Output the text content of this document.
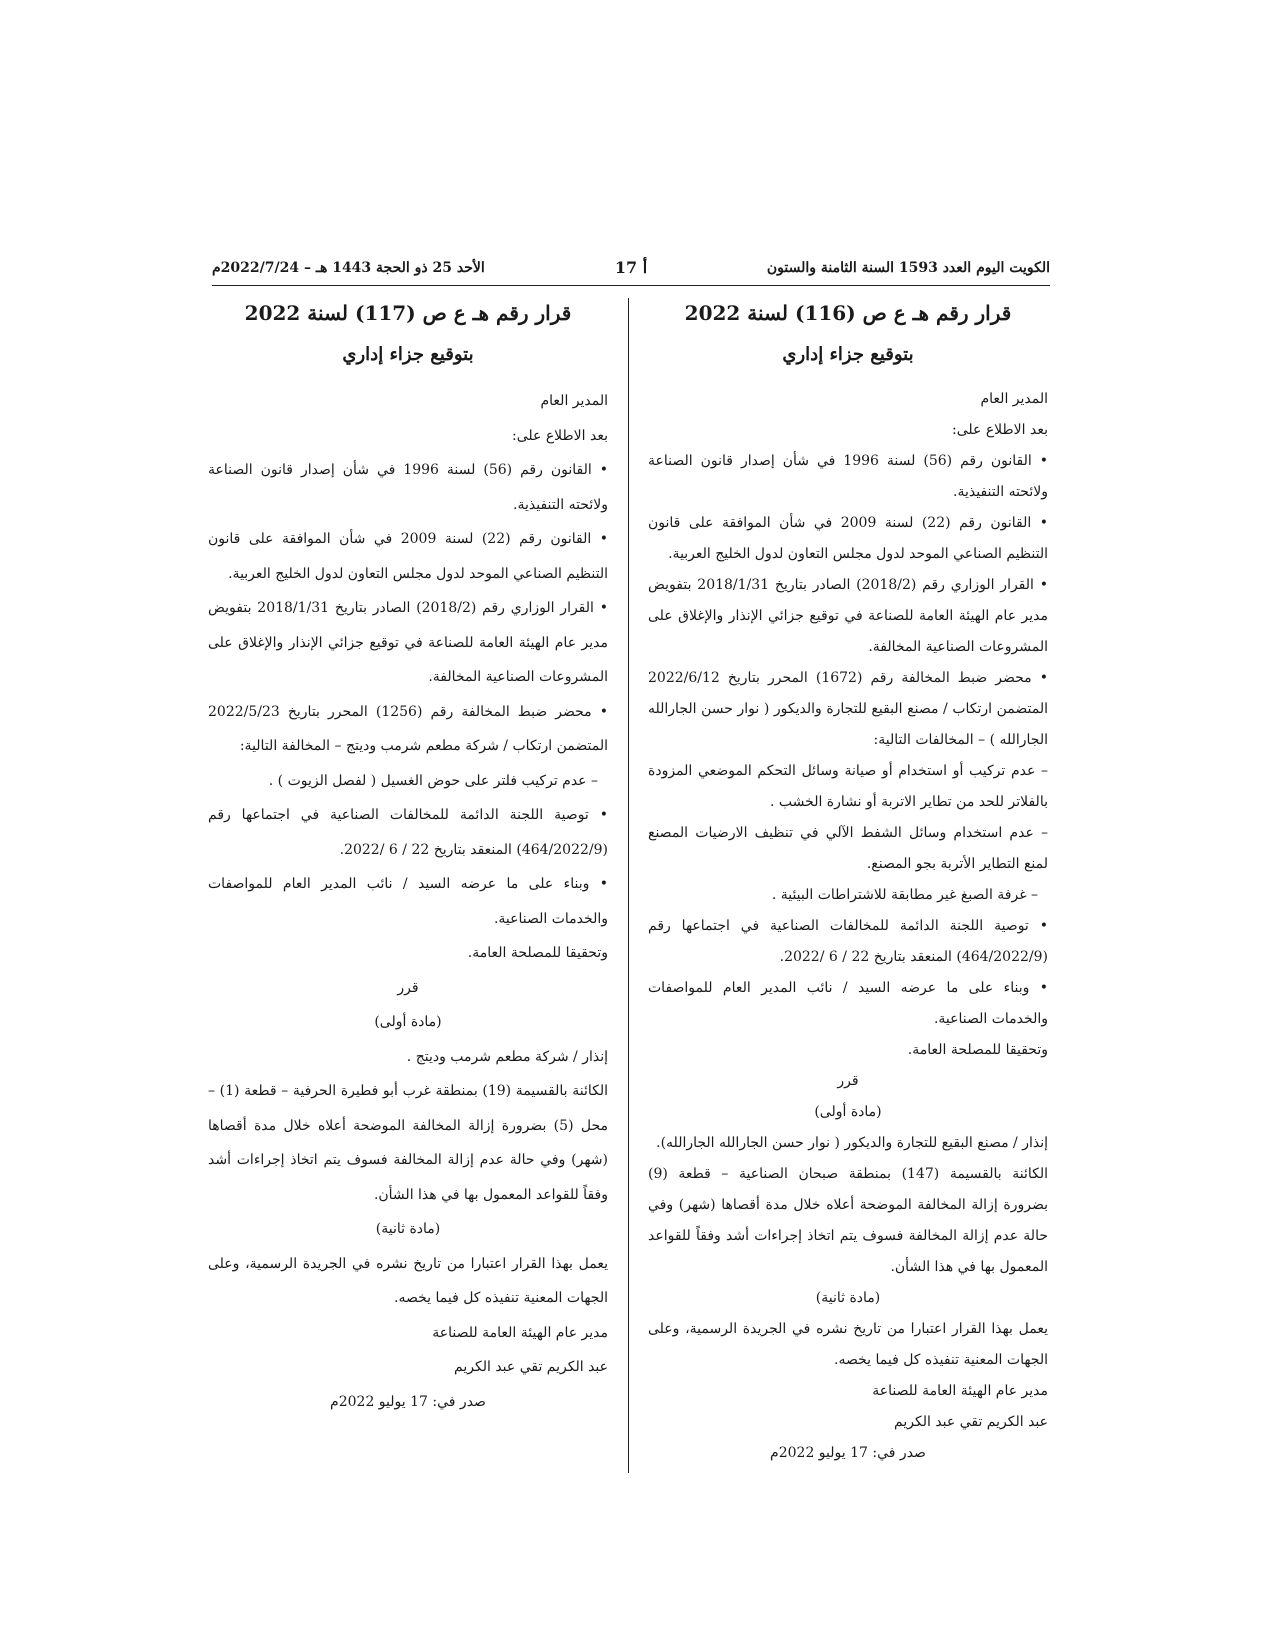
الكويت اليوم العدد 1593 السنة الثامنة والستون
أ 17
الأحد 25 ذو الحجة 1443 هـ – 2022/7/24م
قرار رقم هـ ع ص (116) لسنة 2022
بتوقيع جزاء إداري

المدير العام

بعد الاطلاع على:

• القانون رقم (56) لسنة 1996 في شأن إصدار قانون الصناعة ولائحته التنفيذية.

• القانون رقم (22) لسنة 2009 في شأن الموافقة على قانون التنظيم الصناعي الموحد لدول مجلس التعاون لدول الخليج العربية.

• القرار الوزاري رقم (2018/2) الصادر بتاريخ 2018/1/31 بتفويض مدير عام الهيئة العامة للصناعة في توقيع جزائي الإنذار والإغلاق على المشروعات الصناعية المخالفة.

• محضر ضبط المخالفة رقم (1672) المحرر بتاريخ 2022/6/12 المتضمن ارتكاب / مصنع البقيع للتجارة والديكور ( نوار حسن الجارالله الجارالله ) – المخالفات التالية:

– عدم تركيب أو استخدام أو صيانة وسائل التحكم الموضعي المزودة بالفلاتر للحد من تطاير الاتربة أو نشارة الخشب .

– عدم استخدام وسائل الشفط الآلي في تنظيف الارضيات المصنع لمنع التطاير الأتربة بجو المصنع.

– غرفة الصبغ غير مطابقة للاشتراطات البيئية .

• توصية اللجنة الدائمة للمخالفات الصناعية في اجتماعها رقم (464/2022/9) المنعقد بتاريخ 22 / 6 /2022.

• وبناء على ما عرضه السيد / نائب المدير العام للمواصفات والخدمات الصناعية.

وتحقيقا للمصلحة العامة.

قرر

(مادة أولى)

إنذار / مصنع البقيع للتجارة والديكور ( نوار حسن الجارالله الجارالله).

الكائنة بالقسيمة (147) بمنطقة صبحان الصناعية – قطعة (9) بضرورة إزالة المخالفة الموضحة أعلاه خلال مدة أقصاها (شهر) وفي حالة عدم إزالة المخالفة فسوف يتم اتخاذ إجراءات أشد وفقاً للقواعد المعمول بها في هذا الشأن.

(مادة ثانية)

يعمل بهذا القرار اعتبارا من تاريخ نشره في الجريدة الرسمية، وعلى الجهات المعنية تنفيذه كل فيما يخصه.

مدير عام الهيئة العامة للصناعة

عبد الكريم تقي عبد الكريم

صدر في: 17 يوليو 2022م

قرار رقم هـ ع ص (117) لسنة 2022
بتوقيع جزاء إداري

المدير العام

بعد الاطلاع على:

• القانون رقم (56) لسنة 1996 في شأن إصدار قانون الصناعة ولائحته التنفيذية.

• القانون رقم (22) لسنة 2009 في شأن الموافقة على قانون التنظيم الصناعي الموحد لدول مجلس التعاون لدول الخليج العربية.

• القرار الوزاري رقم (2018/2) الصادر بتاريخ 2018/1/31 بتفويض مدير عام الهيئة العامة للصناعة في توقيع جزائي الإنذار والإغلاق على المشروعات الصناعية المخالفة.

• محضر ضبط المخالفة رقم (1256) المحرر بتاريخ 2022/5/23 المتضمن ارتكاب / شركة مطعم شرمب وديتج – المخالفة التالية:

– عدم تركيب فلتر على حوض الغسيل ( لفصل الزيوت ) .

• توصية اللجنة الدائمة للمخالفات الصناعية في اجتماعها رقم (464/2022/9) المنعقد بتاريخ 22 / 6 /2022.

• وبناء على ما عرضه السيد / نائب المدير العام للمواصفات والخدمات الصناعية.

وتحقيقا للمصلحة العامة.

قرر

(مادة أولى)

إنذار / شركة مطعم شرمب وديتج .

الكائنة بالقسيمة (19) بمنطقة غرب أبو فطيرة الحرفية – قطعة (1) – محل (5) بضرورة إزالة المخالفة الموضحة أعلاه خلال مدة أقصاها (شهر) وفي حالة عدم إزالة المخالفة فسوف يتم اتخاذ إجراءات أشد وفقاً للقواعد المعمول بها في هذا الشأن.

(مادة ثانية)

يعمل بهذا القرار اعتبارا من تاريخ نشره في الجريدة الرسمية، وعلى الجهات المعنية تنفيذه كل فيما يخصه.

مدير عام الهيئة العامة للصناعة

عبد الكريم تقي عبد الكريم

صدر في: 17 يوليو 2022م
